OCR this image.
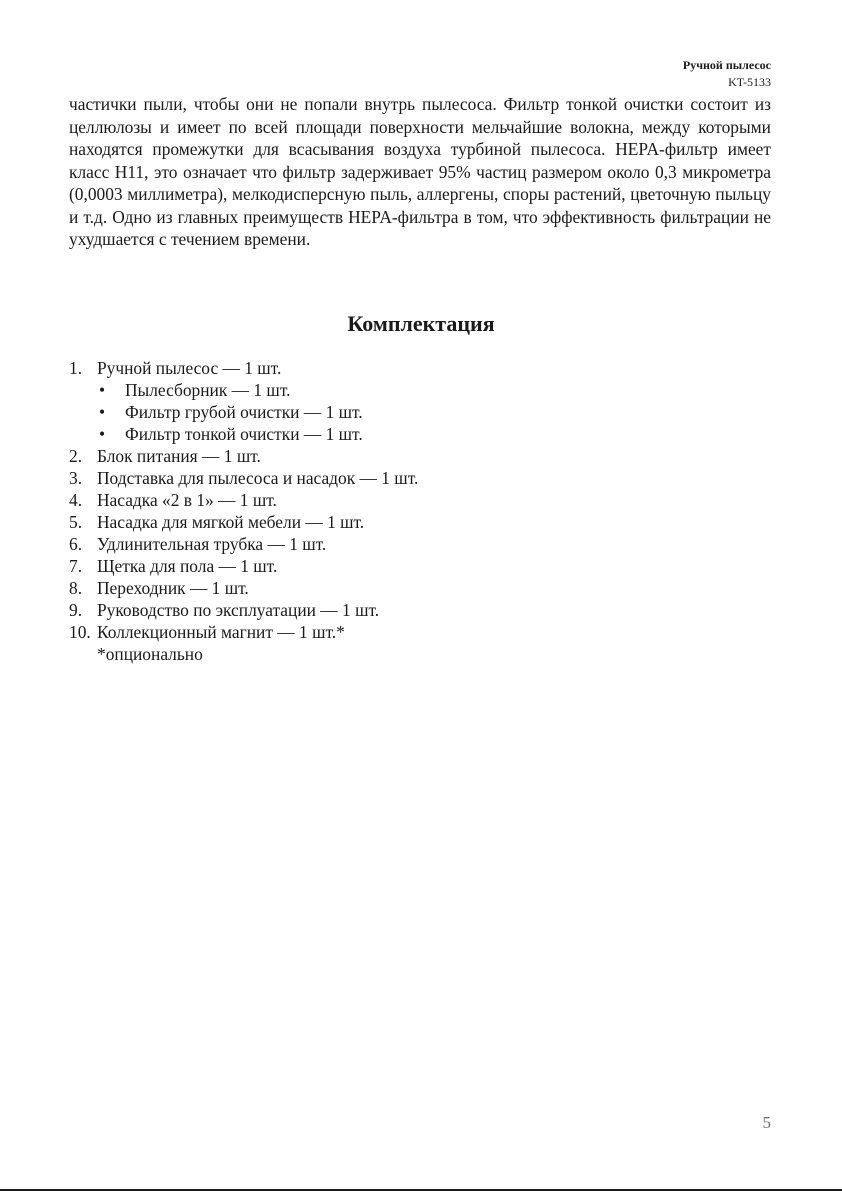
Ручной пылесос
KT-5133

частички пыли, чтобы они не попали внутрь пылесоса. Фильтр тонкой очистки состоит из целлюлозы и имеет по всей площади поверхности мельчайшие волокна, между которыми находятся промежутки для всасывания воздуха турбиной пылесоса. HEPA-фильтр имеет класс H11, это означает что фильтр задерживает 95% частиц размером около 0,3 микрометра (0,0003 миллиметра), мелкодисперсную пыль, аллергены, споры растений, цветочную пыльцу и т.д. Одно из главных преимуществ HEPA-фильтра в том, что эффективность фильтрации не ухудшается с течением времени.

Комплектация
1. Ручной пылесос — 1 шт.
• Пылесборник — 1 шт.
• Фильтр грубой очистки — 1 шт.
• Фильтр тонкой очистки — 1 шт.
2. Блок питания — 1 шт.
3. Подставка для пылесоса и насадок — 1 шт.
4. Насадка «2 в 1» — 1 шт.
5. Насадка для мягкой мебели — 1 шт.
6. Удлинительная трубка — 1 шт.
7. Щетка для пола — 1 шт.
8. Переходник — 1 шт.
9. Руководство по эксплуатации — 1 шт.
10. Коллекционный магнит — 1 шт.*
*опционально
5
